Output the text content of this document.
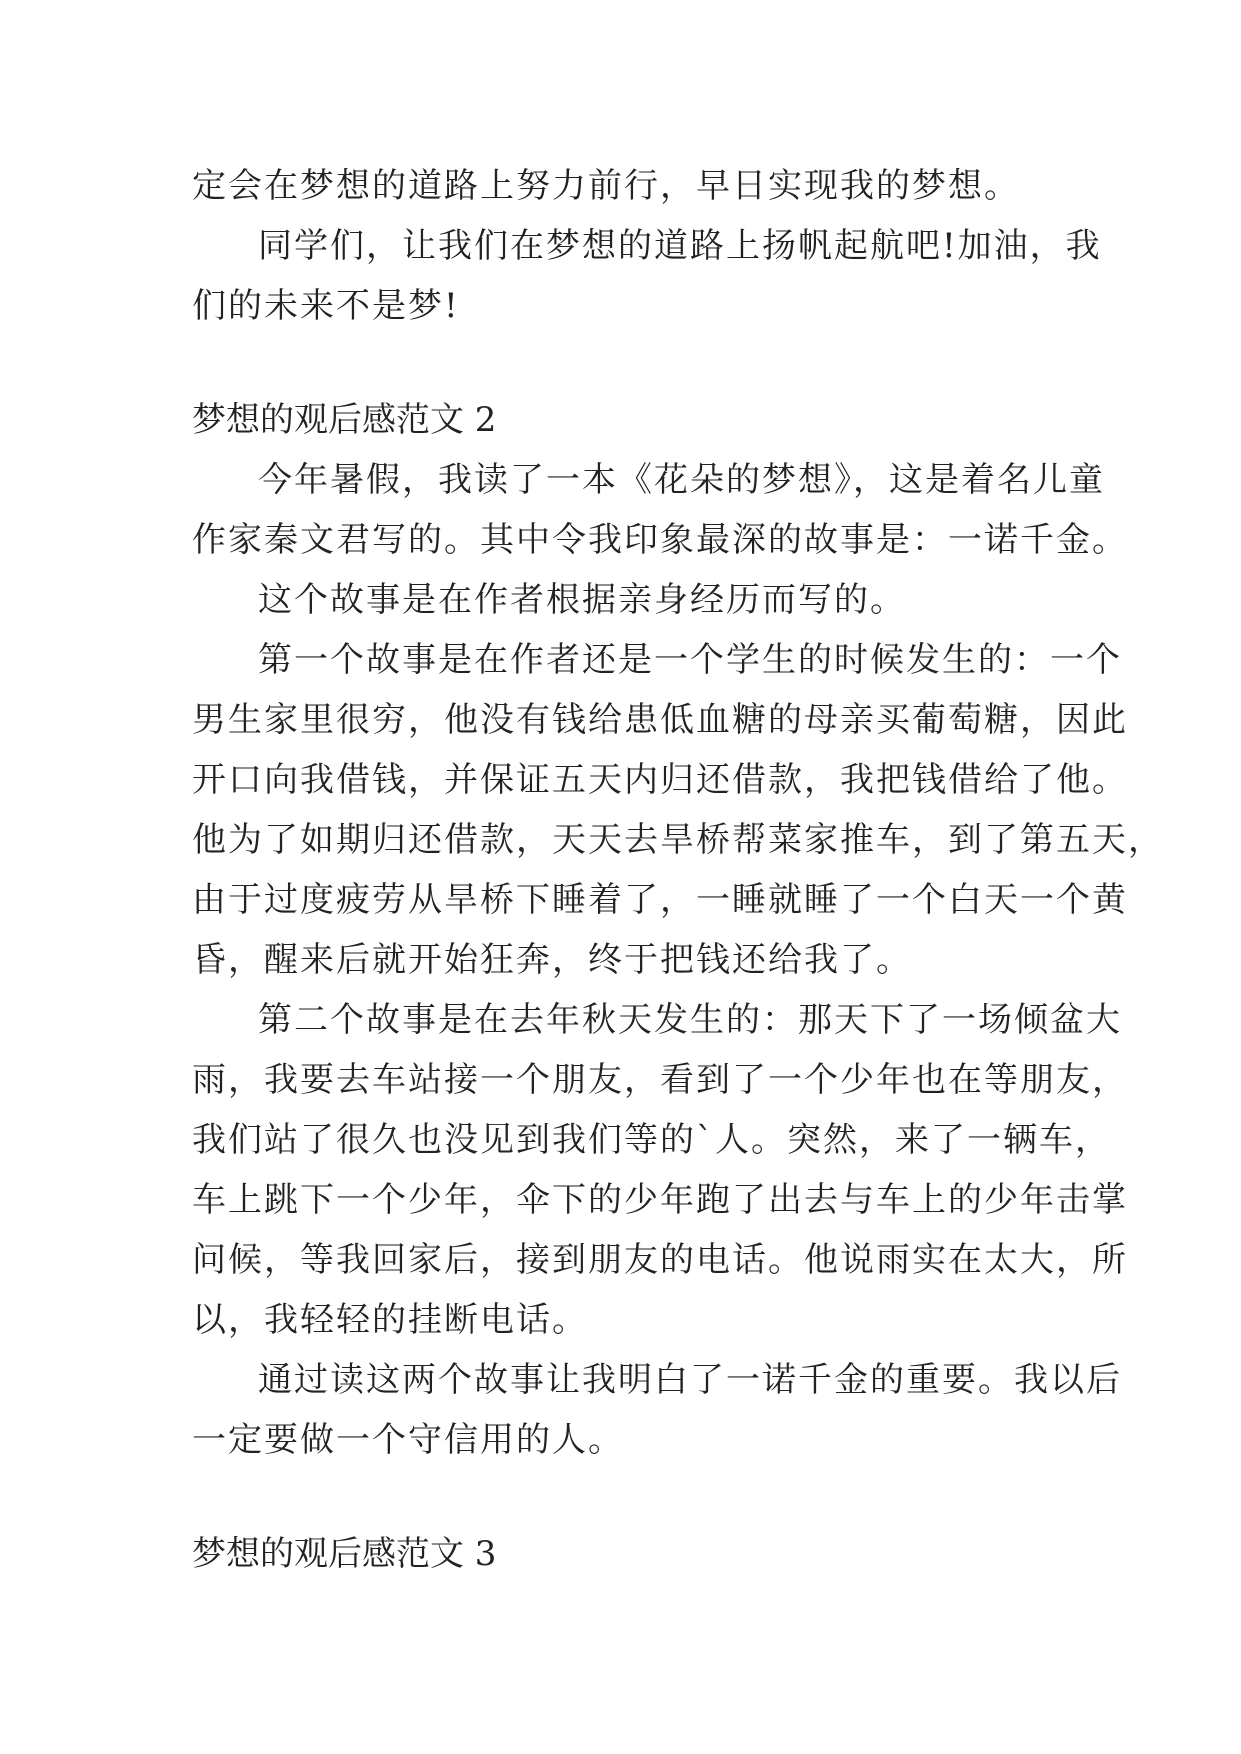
定会在梦想的道路上努力前行，早日实现我的梦想。
同学们，让我们在梦想的道路上扬帆起航吧!加油，我
们的未来不是梦!
梦想的观后感范文 2
今年暑假，我读了一本《花朵的梦想》，这是着名儿童
作家秦文君写的。其中令我印象最深的故事是：一诺千金。
这个故事是在作者根据亲身经历而写的。
第一个故事是在作者还是一个学生的时候发生的：一个
男生家里很穷，他没有钱给患低血糖的母亲买葡萄糖，因此
开口向我借钱，并保证五天内归还借款，我把钱借给了他。
他为了如期归还借款，天天去旱桥帮菜家推车，到了第五天，
由于过度疲劳从旱桥下睡着了，一睡就睡了一个白天一个黄
昏，醒来后就开始狂奔，终于把钱还给我了。
第二个故事是在去年秋天发生的：那天下了一场倾盆大
雨，我要去车站接一个朋友，看到了一个少年也在等朋友，
我们站了很久也没见到我们等的`人。突然，来了一辆车，
车上跳下一个少年，伞下的少年跑了出去与车上的少年击掌
问候，等我回家后，接到朋友的电话。他说雨实在太大，所
以，我轻轻的挂断电话。
通过读这两个故事让我明白了一诺千金的重要。我以后
一定要做一个守信用的人。
梦想的观后感范文 3
